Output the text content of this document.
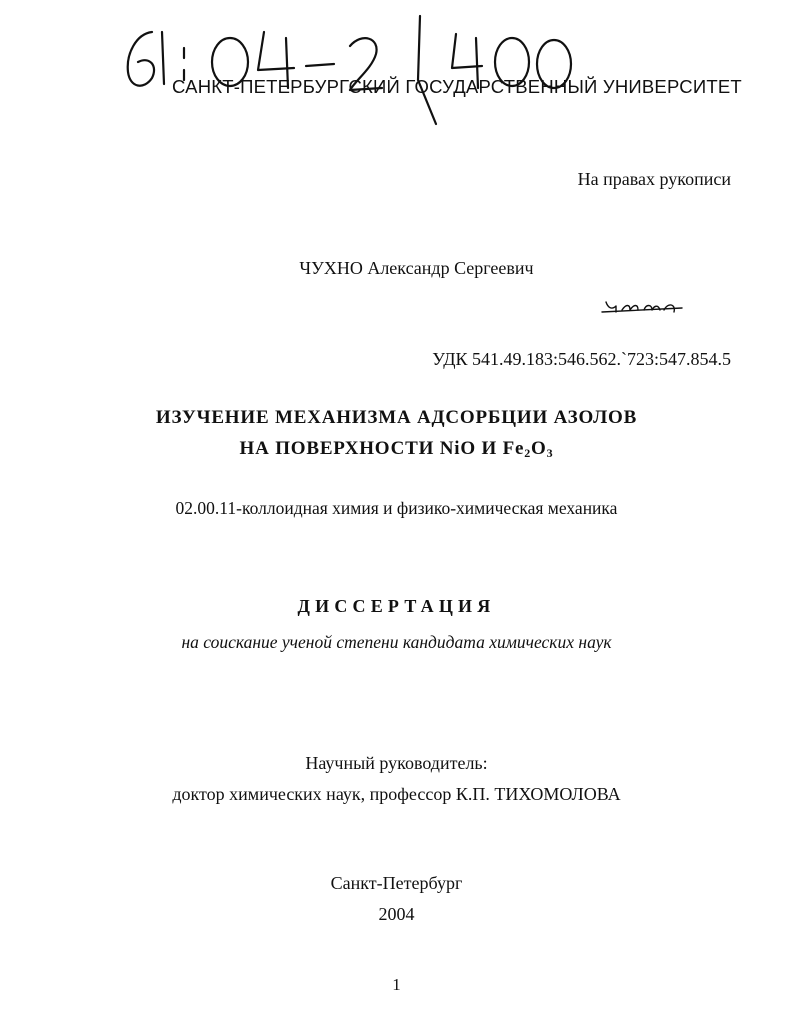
САНКТ-ПЕТЕРБУРГСКИЙ ГОСУДАРСТВЕННЫЙ УНИВЕРСИТЕТ
На правах рукописи
ЧУХНО Александр Сергеевич
УДК 541.49.183:546.562.`723:547.854.5
ИЗУЧЕНИЕ МЕХАНИЗМА АДСОРБЦИИ АЗОЛОВ
НА ПОВЕРХНОСТИ NiO И $Fe_2O_3$
02.00.11-коллоидная химия и физико-химическая механика
ДИССЕРТАЦИЯ
на соискание ученой степени кандидата химических наук
Научный руководитель:
доктор химических наук, профессор К.П. ТИХОМОЛОВА
Санкт-Петербург
2004
1
